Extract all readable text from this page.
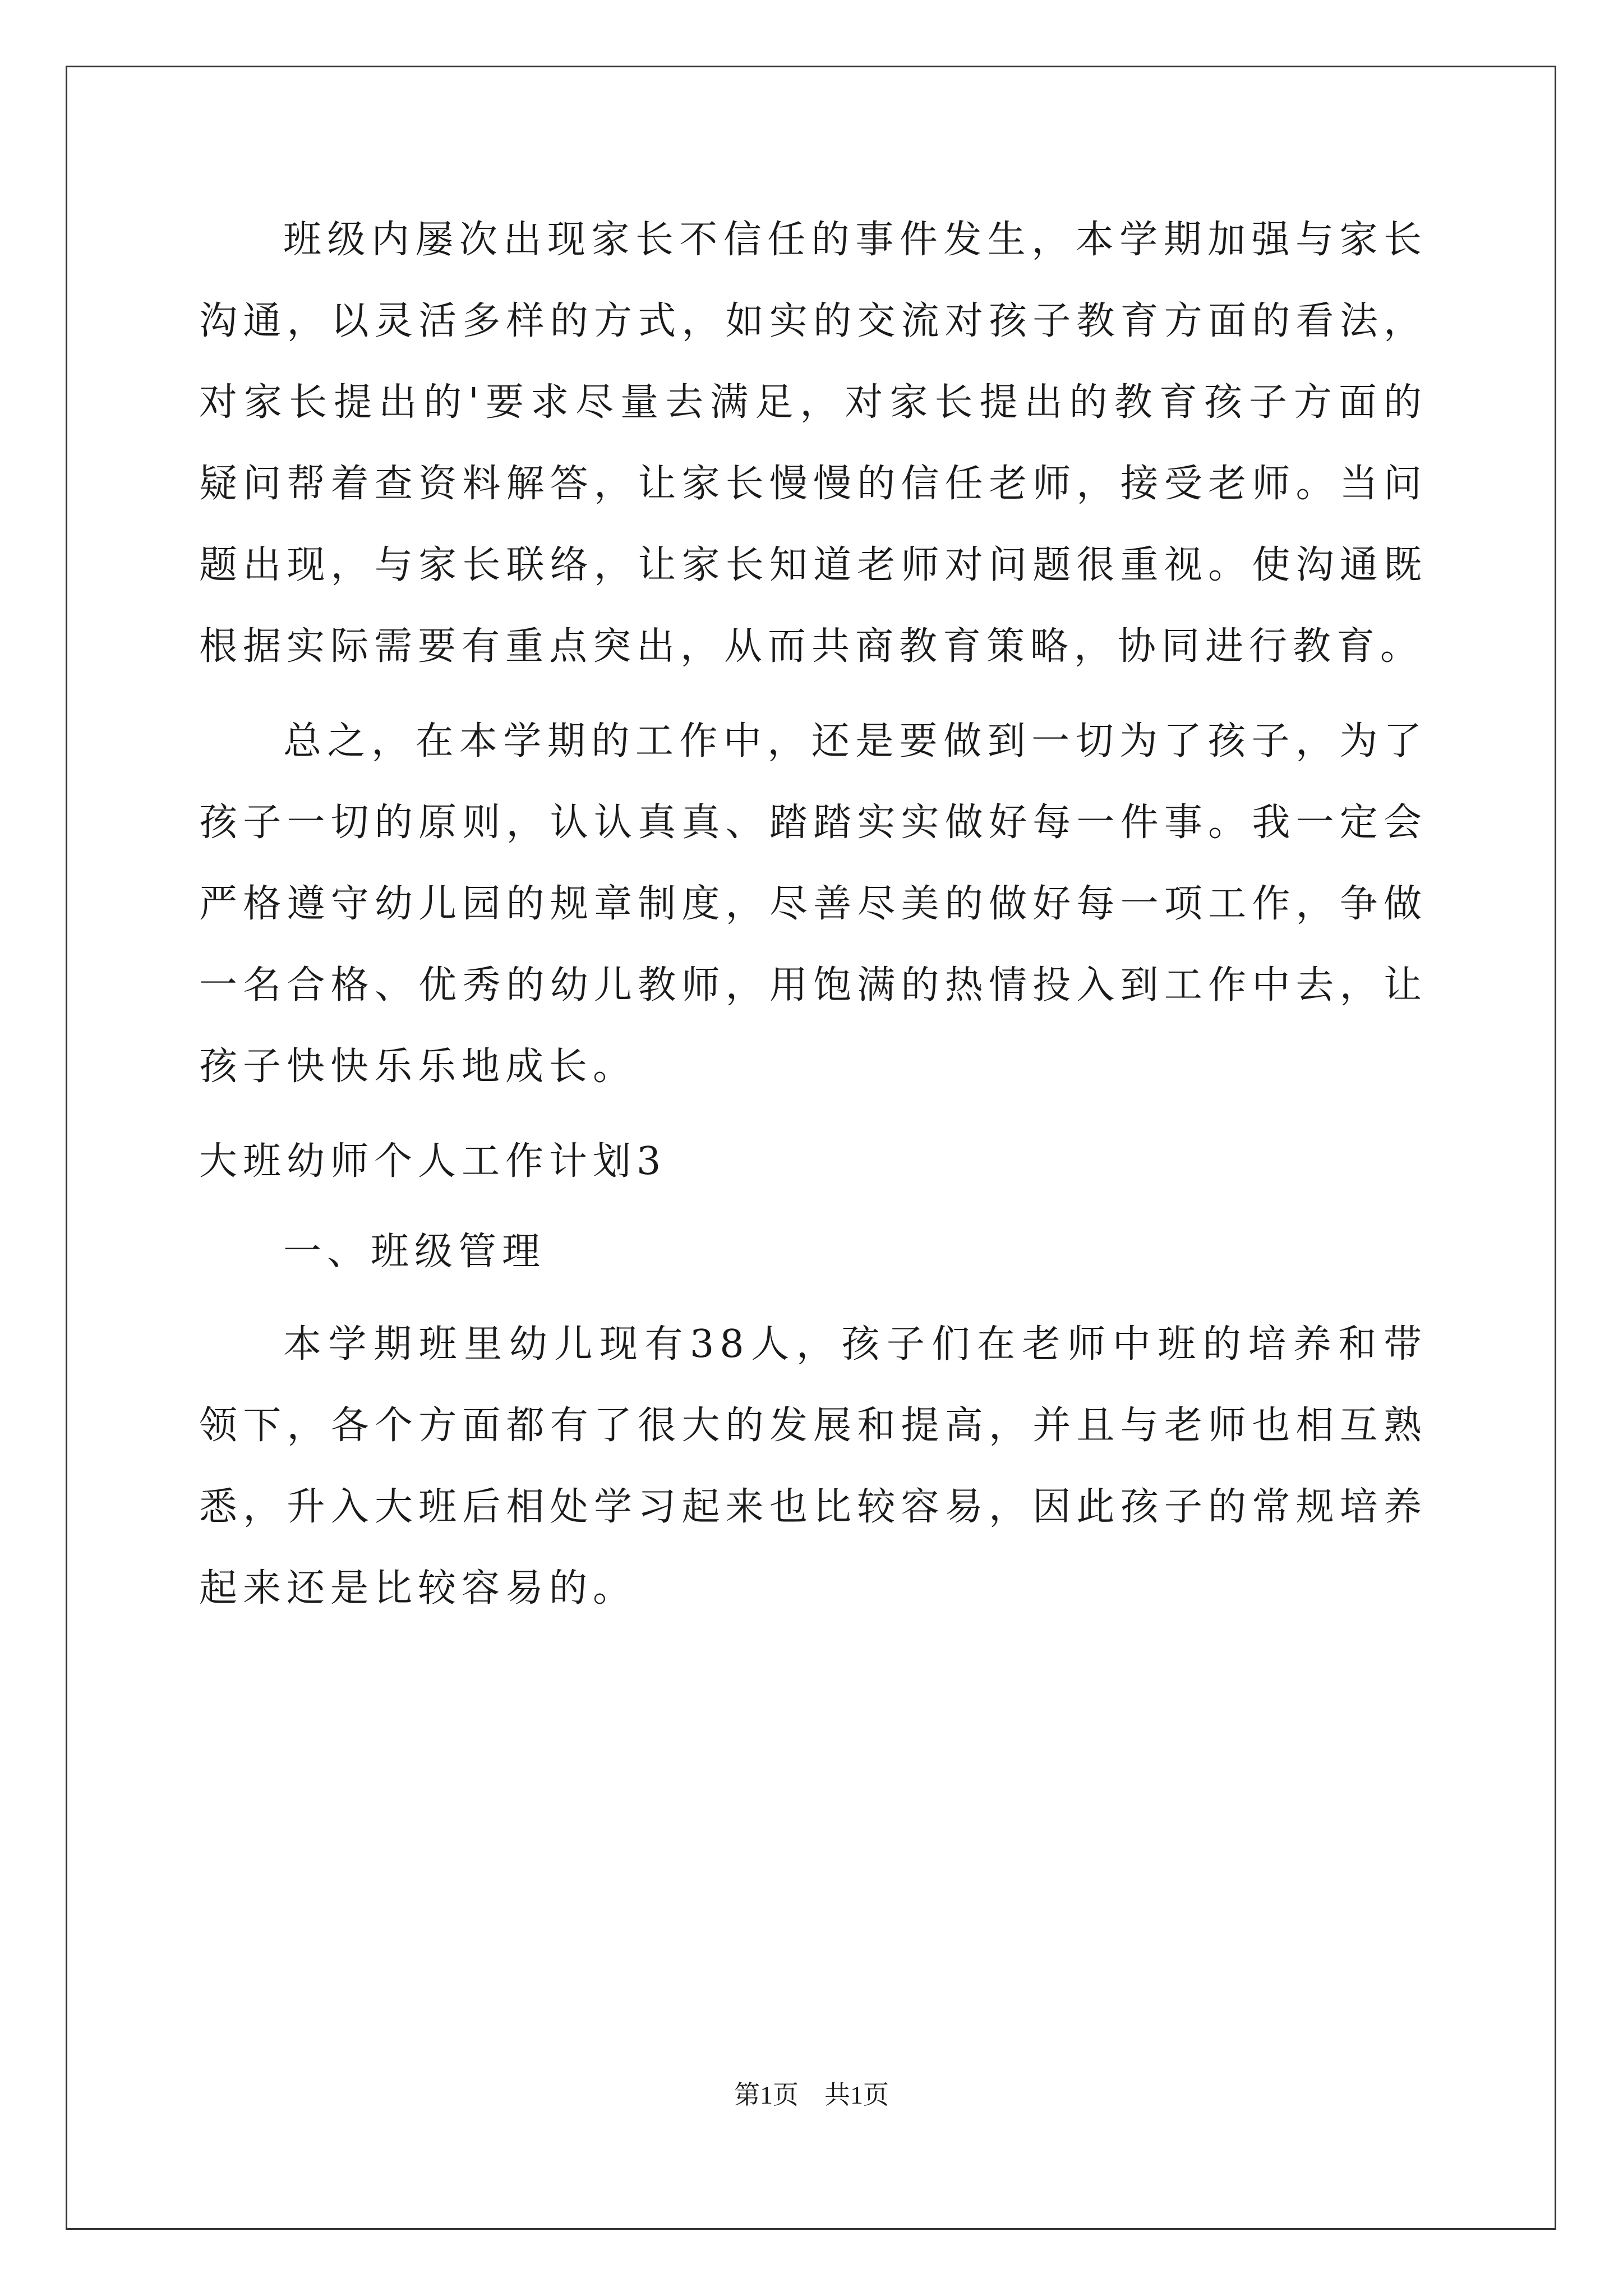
班级内屡次出现家长不信任的事件发生，本学期加强与家长沟通，以灵活多样的方式，如实的交流对孩子教育方面的看法，对家长提出的'要求尽量去满足，对家长提出的教育孩子方面的疑问帮着查资料解答，让家长慢慢的信任老师，接受老师。当问题出现，与家长联络，让家长知道老师对问题很重视。使沟通既根据实际需要有重点突出，从而共商教育策略，协同进行教育。

总之，在本学期的工作中，还是要做到一切为了孩子，为了孩子一切的原则，认认真真、踏踏实实做好每一件事。我一定会严格遵守幼儿园的规章制度，尽善尽美的做好每一项工作，争做一名合格、优秀的幼儿教师，用饱满的热情投入到工作中去，让孩子快快乐乐地成长。

大班幼师个人工作计划3

一、班级管理

本学期班里幼儿现有38人，孩子们在老师中班的培养和带领下，各个方面都有了很大的发展和提高，并且与老师也相互熟悉，升入大班后相处学习起来也比较容易，因此孩子的常规培养起来还是比较容易的。

第1页　共1页
